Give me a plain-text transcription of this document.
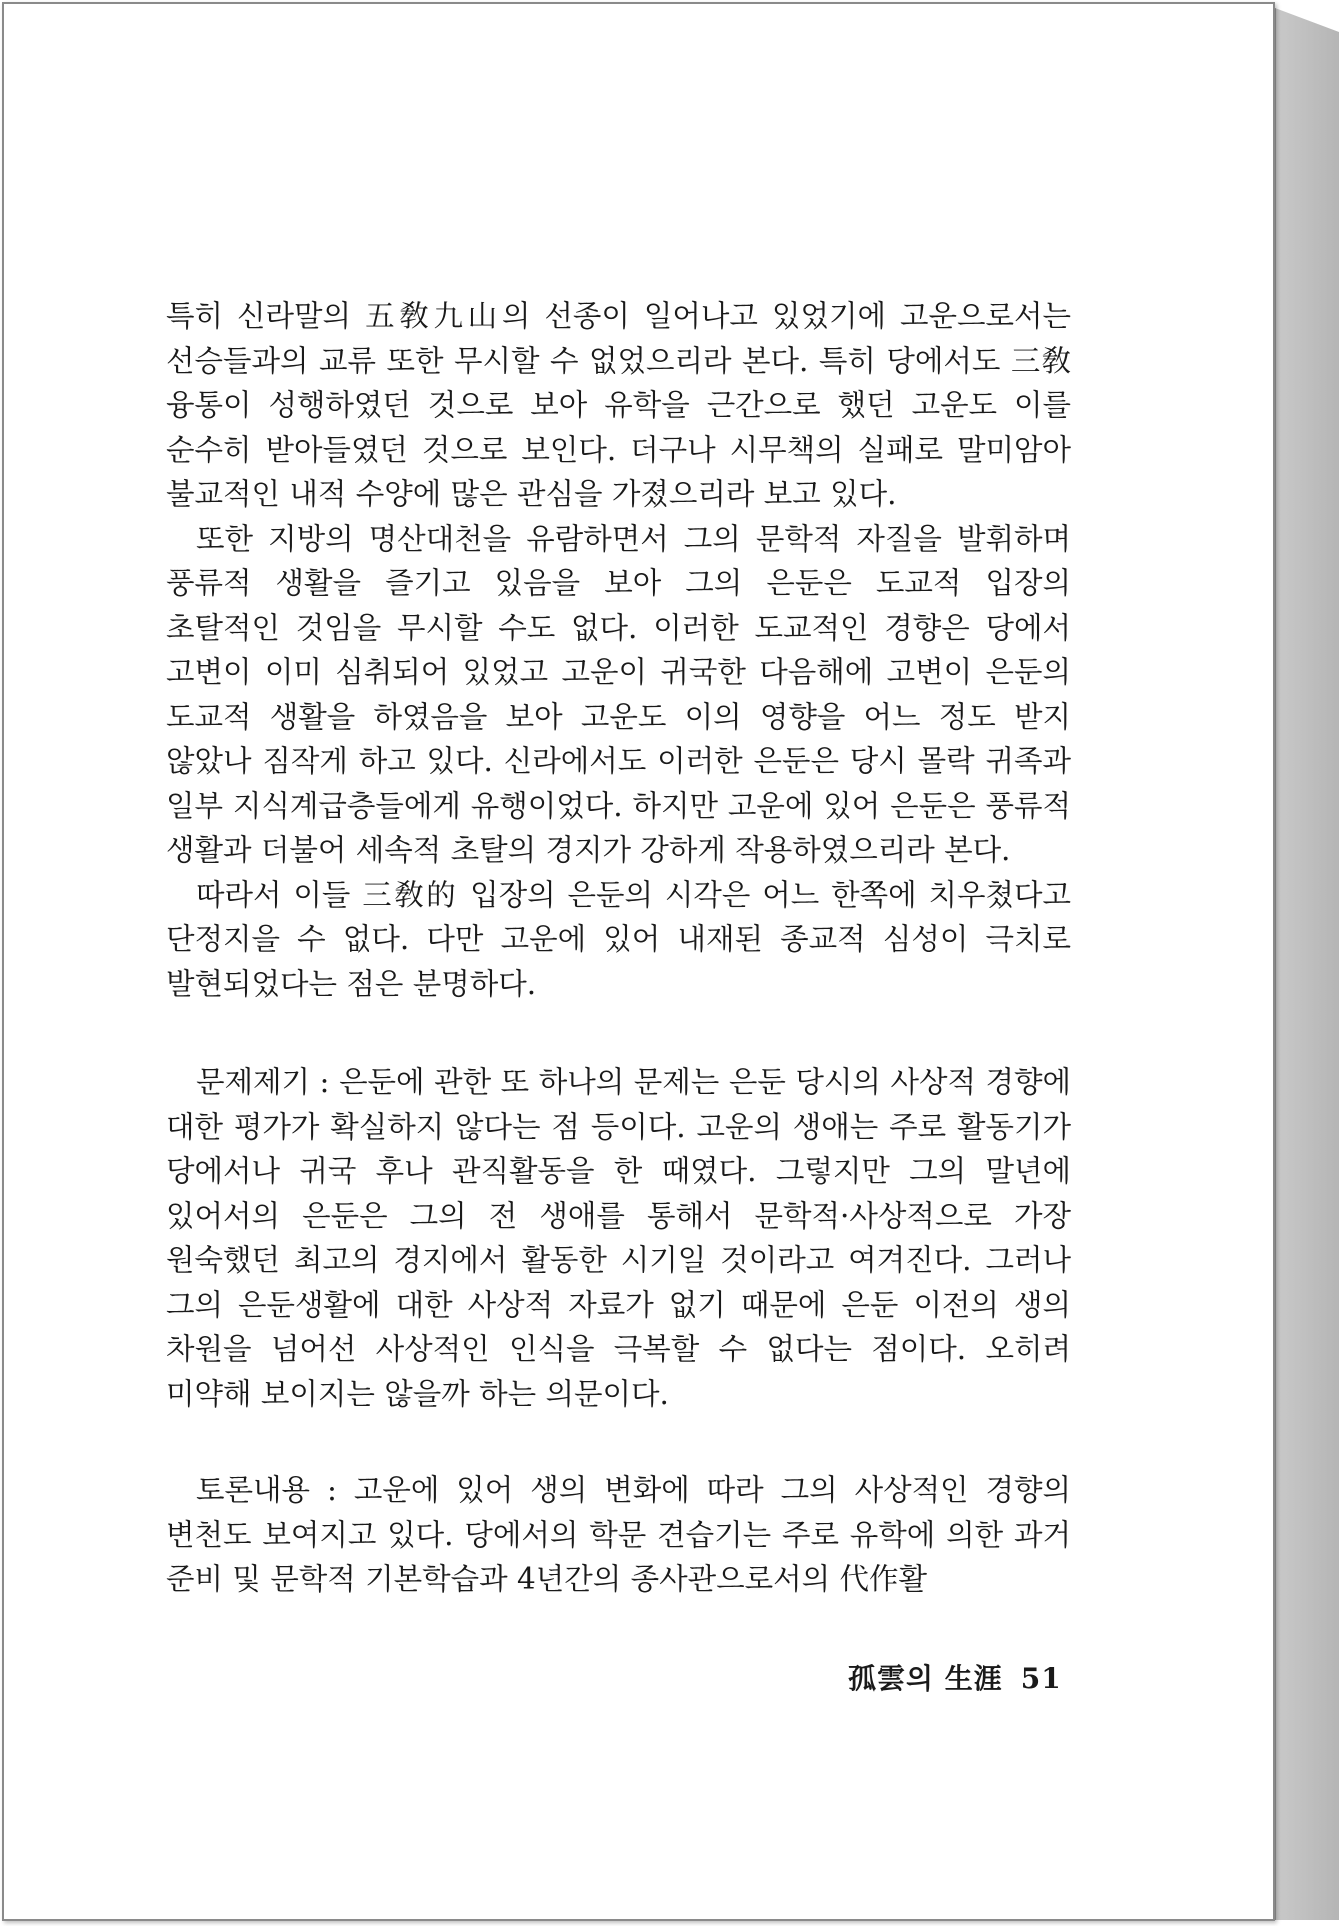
특히 신라말의 五敎九山의 선종이 일어나고 있었기에 고운으로서는 선승들과의 교류 또한 무시할 수 없었으리라 본다. 특히 당에서도 三敎 융통이 성행하였던 것으로 보아 유학을 근간으로 했던 고운도 이를 순수히 받아들였던 것으로 보인다. 더구나 시무책의 실패로 말미암아 불교적인 내적 수양에 많은 관심을 가졌으리라 보고 있다.

또한 지방의 명산대천을 유람하면서 그의 문학적 자질을 발휘하며 풍류적 생활을 즐기고 있음을 보아 그의 은둔은 도교적 입장의 초탈적인 것임을 무시할 수도 없다. 이러한 도교적인 경향은 당에서 고변이 이미 심취되어 있었고 고운이 귀국한 다음해에 고변이 은둔의 도교적 생활을 하였음을 보아 고운도 이의 영향을 어느 정도 받지 않았나 짐작게 하고 있다. 신라에서도 이러한 은둔은 당시 몰락 귀족과 일부 지식계급층들에게 유행이었다. 하지만 고운에 있어 은둔은 풍류적 생활과 더불어 세속적 초탈의 경지가 강하게 작용하였으리라 본다.

따라서 이들 三敎的 입장의 은둔의 시각은 어느 한쪽에 치우쳤다고 단정지을 수 없다. 다만 고운에 있어 내재된 종교적 심성이 극치로 발현되었다는 점은 분명하다.

문제제기 : 은둔에 관한 또 하나의 문제는 은둔 당시의 사상적 경향에 대한 평가가 확실하지 않다는 점 등이다. 고운의 생애는 주로 활동기가 당에서나 귀국 후나 관직활동을 한 때였다. 그렇지만 그의 말년에 있어서의 은둔은 그의 전 생애를 통해서 문학적·사상적으로 가장 원숙했던 최고의 경지에서 활동한 시기일 것이라고 여겨진다. 그러나 그의 은둔생활에 대한 사상적 자료가 없기 때문에 은둔 이전의 생의 차원을 넘어선 사상적인 인식을 극복할 수 없다는 점이다. 오히려 미약해 보이지는 않을까 하는 의문이다.

토론내용 : 고운에 있어 생의 변화에 따라 그의 사상적인 경향의 변천도 보여지고 있다. 당에서의 학문 견습기는 주로 유학에 의한 과거 준비 및 문학적 기본학습과 4년간의 종사관으로서의 代作활

孤雲의 生涯 51
